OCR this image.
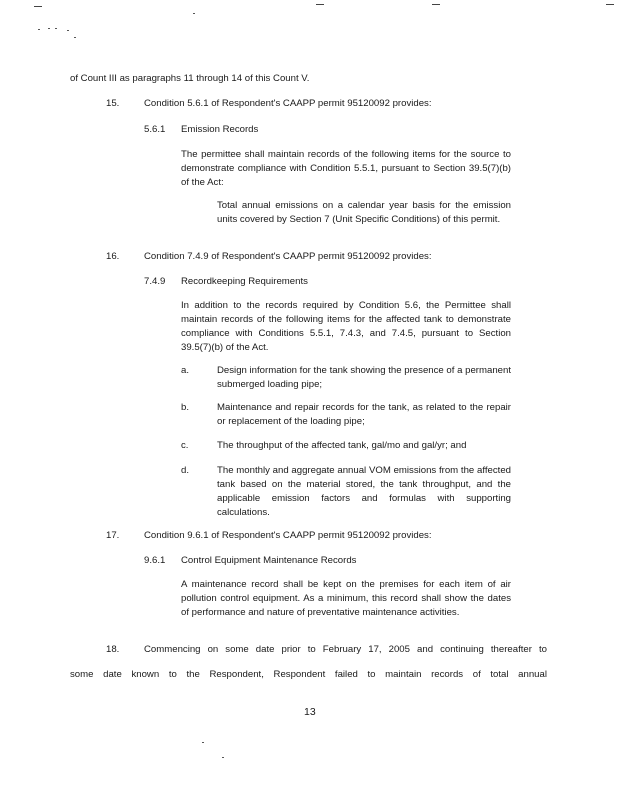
of Count III as paragraphs 11 through 14 of this Count V.
15.	Condition 5.6.1 of Respondent's CAAPP permit 95120092 provides:
5.6.1 Emission Records
The permittee shall maintain records of the following items for the source to demonstrate compliance with Condition 5.5.1, pursuant to Section 39.5(7)(b) of the Act:
Total annual emissions on a calendar year basis for the emission units covered by Section 7 (Unit Specific Conditions) of this permit.
16.	Condition 7.4.9 of Respondent's CAAPP permit 95120092 provides:
7.4.9 Recordkeeping Requirements
In addition to the records required by Condition 5.6, the Permittee shall maintain records of the following items for the affected tank to demonstrate compliance with Conditions 5.5.1, 7.4.3, and 7.4.5, pursuant to Section 39.5(7)(b) of the Act.
a.	Design information for the tank showing the presence of a permanent submerged loading pipe;
b.	Maintenance and repair records for the tank, as related to the repair or replacement of the loading pipe;
c.	The throughput of the affected tank, gal/mo and gal/yr; and
d.	The monthly and aggregate annual VOM emissions from the affected tank based on the material stored, the tank throughput, and the applicable emission factors and formulas with supporting calculations.
17.	Condition 9.6.1 of Respondent's CAAPP permit 95120092 provides:
9.6.1 Control Equipment Maintenance Records
A maintenance record shall be kept on the premises for each item of air pollution control equipment. As a minimum, this record shall show the dates of performance and nature of preventative maintenance activities.
18.	Commencing on some date prior to February 17, 2005 and continuing thereafter to
some date known to the Respondent, Respondent failed to maintain records of total annual
13
